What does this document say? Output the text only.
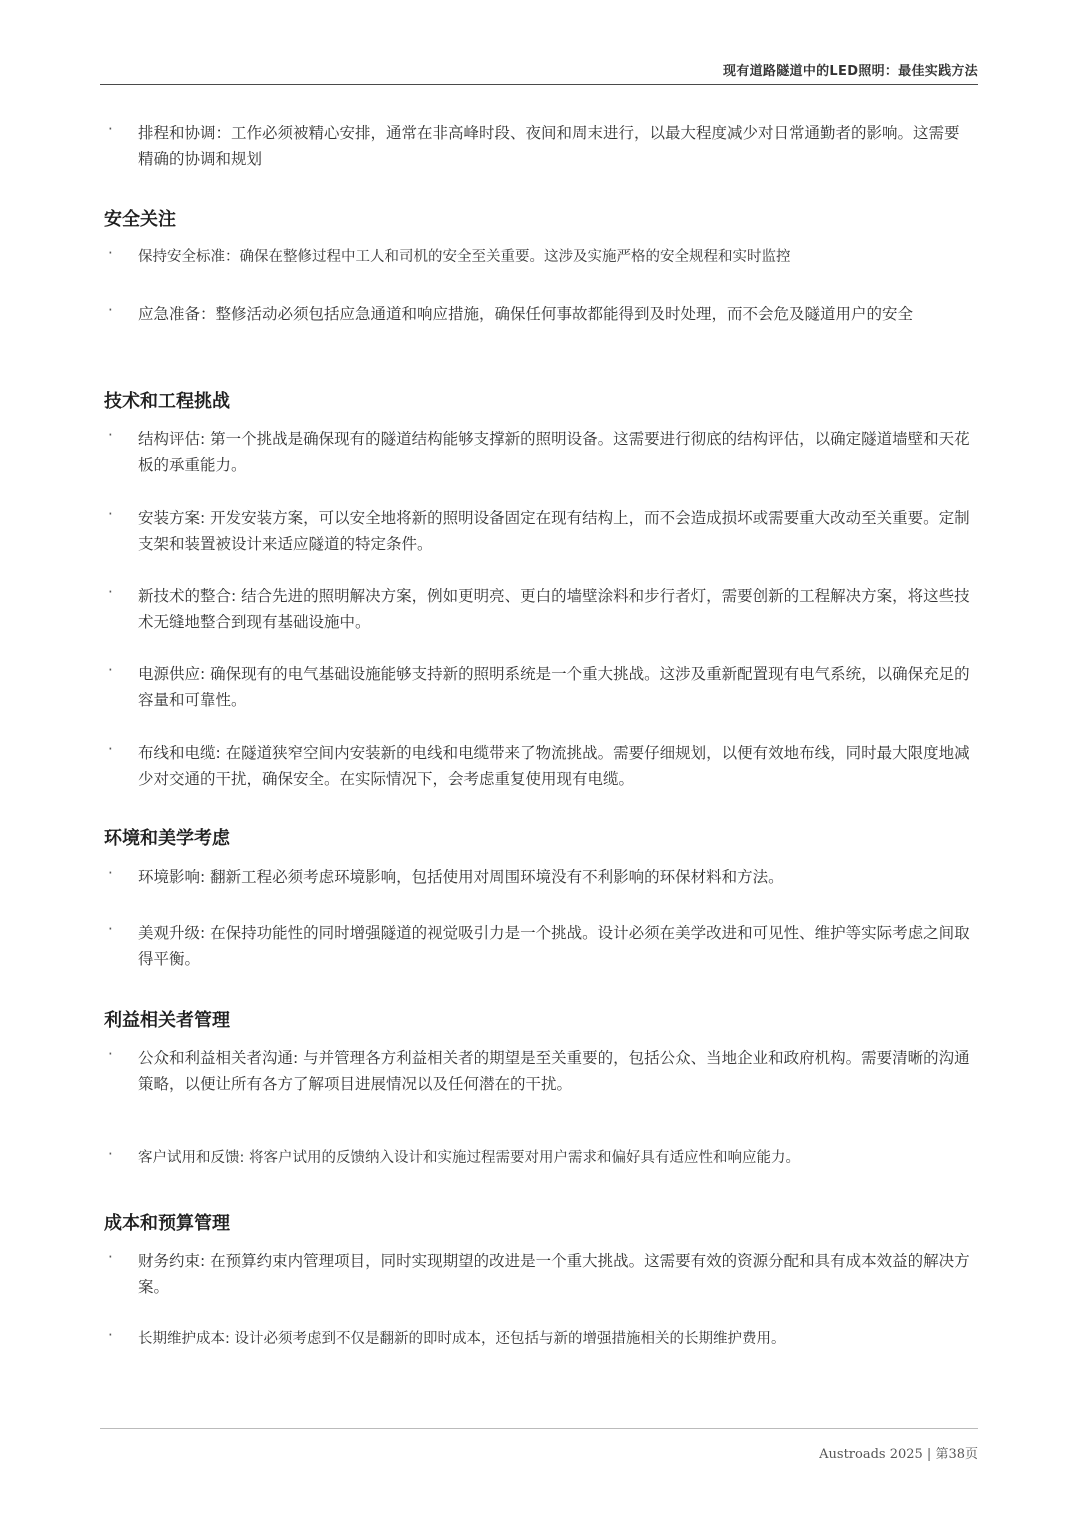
现有道路隧道中的LED照明：最佳实践方法
· 排程和协调：工作必须被精心安排，通常在非高峰时段、夜间和周末进行，以最大程度减少对日常通勤者的影响。这需要精确的协调和规划
安全关注
· 保持安全标准：确保在整修过程中工人和司机的安全至关重要。这涉及实施严格的安全规程和实时监控
· 应急准备：整修活动必须包括应急通道和响应措施，确保任何事故都能得到及时处理，而不会危及隧道用户的安全
技术和工程挑战
· 结构评估: 第一个挑战是确保现有的隧道结构能够支撑新的照明设备。这需要进行彻底的结构评估，以确定隧道墙壁和天花板的承重能力。
· 安装方案: 开发安装方案，可以安全地将新的照明设备固定在现有结构上，而不会造成损坏或需要重大改动至关重要。定制支架和装置被设计来适应隧道的特定条件。
· 新技术的整合: 结合先进的照明解决方案，例如更明亮、更白的墙壁涂料和步行者灯，需要创新的工程解决方案，将这些技术无缝地整合到现有基础设施中。
· 电源供应: 确保现有的电气基础设施能够支持新的照明系统是一个重大挑战。这涉及重新配置现有电气系统，以确保充足的容量和可靠性。
· 布线和电缆: 在隧道狭窄空间内安装新的电线和电缆带来了物流挑战。需要仔细规划，以便有效地布线，同时最大限度地减少对交通的干扰，确保安全。在实际情况下，会考虑重复使用现有电缆。
环境和美学考虑
· 环境影响: 翻新工程必须考虑环境影响，包括使用对周围环境没有不利影响的环保材料和方法。
· 美观升级: 在保持功能性的同时增强隧道的视觉吸引力是一个挑战。设计必须在美学改进和可见性、维护等实际考虑之间取得平衡。
利益相关者管理
· 公众和利益相关者沟通: 与并管理各方利益相关者的期望是至关重要的，包括公众、当地企业和政府机构。需要清晰的沟通策略，以便让所有各方了解项目进展情况以及任何潜在的干扰。
· 客户试用和反馈: 将客户试用的反馈纳入设计和实施过程需要对用户需求和偏好具有适应性和响应能力。
成本和预算管理
· 财务约束: 在预算约束内管理项目，同时实现期望的改进是一个重大挑战。这需要有效的资源分配和具有成本效益的解决方案。
· 长期维护成本: 设计必须考虑到不仅是翻新的即时成本，还包括与新的增强措施相关的长期维护费用。
Austroads 2025 | 第38页
